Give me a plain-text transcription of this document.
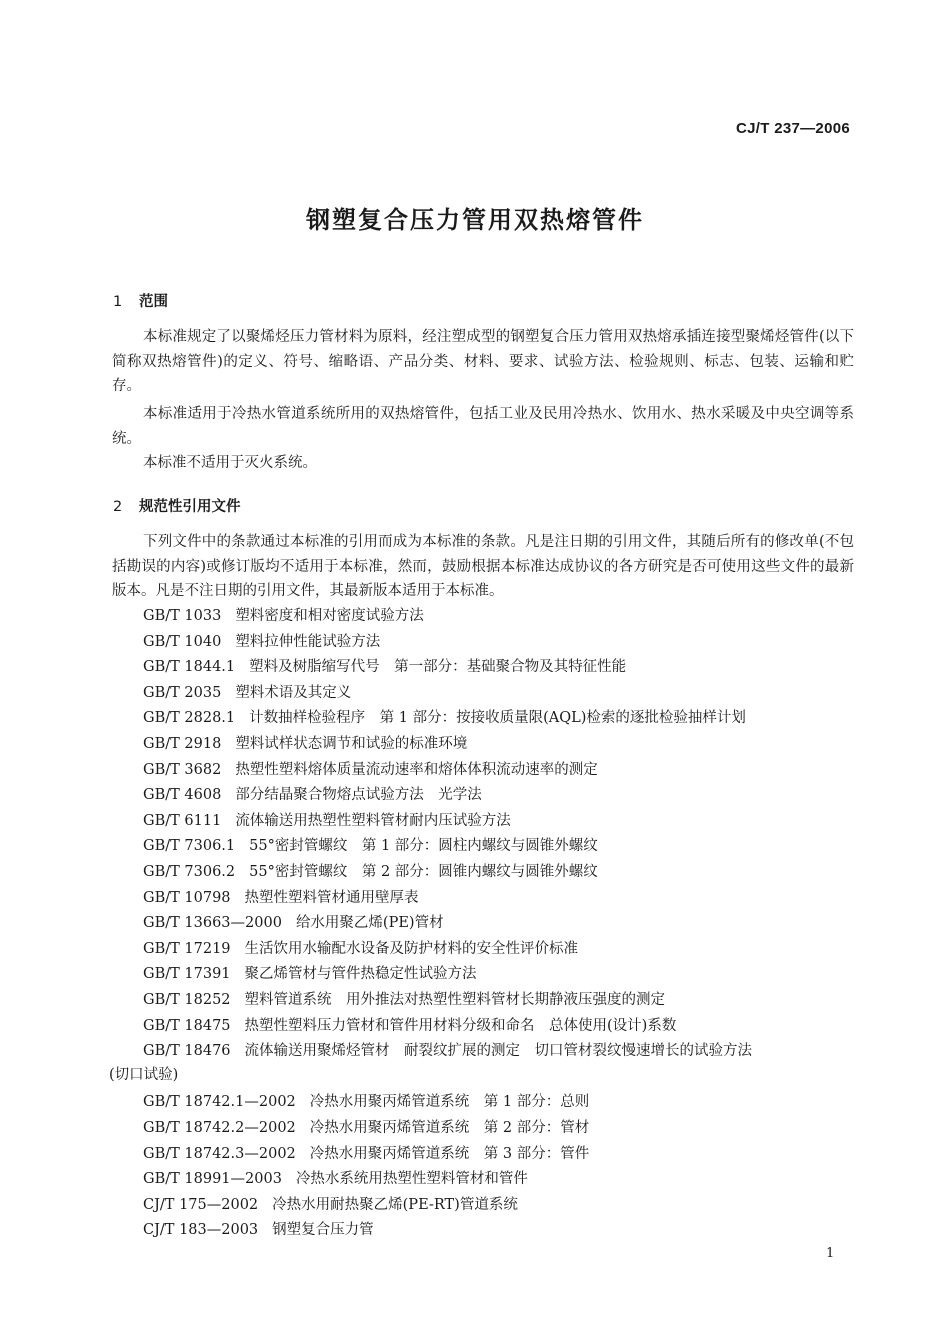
CJ/T 237—2006
钢塑复合压力管用双热熔管件
1 范围
本标准规定了以聚烯烃压力管材料为原料，经注塑成型的钢塑复合压力管用双热熔承插连接型聚烯烃管件(以下简称双热熔管件)的定义、符号、缩略语、产品分类、材料、要求、试验方法、检验规则、标志、包装、运输和贮存。
本标准适用于冷热水管道系统所用的双热熔管件，包括工业及民用冷热水、饮用水、热水采暖及中央空调等系统。
本标准不适用于灭火系统。
2 规范性引用文件
下列文件中的条款通过本标准的引用而成为本标准的条款。凡是注日期的引用文件，其随后所有的修改单(不包括勘误的内容)或修订版均不适用于本标准，然而，鼓励根据本标准达成协议的各方研究是否可使用这些文件的最新版本。凡是不注日期的引用文件，其最新版本适用于本标准。
GB/T 1033 塑料密度和相对密度试验方法
GB/T 1040 塑料拉伸性能试验方法
GB/T 1844.1 塑料及树脂缩写代号　第一部分：基础聚合物及其特征性能
GB/T 2035 塑料术语及其定义
GB/T 2828.1 计数抽样检验程序　第 1 部分：按接收质量限(AQL)检索的逐批检验抽样计划
GB/T 2918 塑料试样状态调节和试验的标准环境
GB/T 3682 热塑性塑料熔体质量流动速率和熔体体积流动速率的测定
GB/T 4608 部分结晶聚合物熔点试验方法　光学法
GB/T 6111 流体输送用热塑性塑料管材耐内压试验方法
GB/T 7306.1 55°密封管螺纹　第 1 部分：圆柱内螺纹与圆锥外螺纹
GB/T 7306.2 55°密封管螺纹　第 2 部分：圆锥内螺纹与圆锥外螺纹
GB/T 10798 热塑性塑料管材通用壁厚表
GB/T 13663—2000 给水用聚乙烯(PE)管材
GB/T 17219 生活饮用水输配水设备及防护材料的安全性评价标准
GB/T 17391 聚乙烯管材与管件热稳定性试验方法
GB/T 18252 塑料管道系统　用外推法对热塑性塑料管材长期静液压强度的测定
GB/T 18475 热塑性塑料压力管材和管件用材料分级和命名　总体使用(设计)系数
GB/T 18476 流体输送用聚烯烃管材　耐裂纹扩展的测定　切口管材裂纹慢速增长的试验方法
(切口试验)
GB/T 18742.1—2002 冷热水用聚丙烯管道系统　第 1 部分：总则
GB/T 18742.2—2002 冷热水用聚丙烯管道系统　第 2 部分：管材
GB/T 18742.3—2002 冷热水用聚丙烯管道系统　第 3 部分：管件
GB/T 18991—2003 冷热水系统用热塑性塑料管材和管件
CJ/T 175—2002 冷热水用耐热聚乙烯(PE-RT)管道系统
CJ/T 183—2003 钢塑复合压力管
1
